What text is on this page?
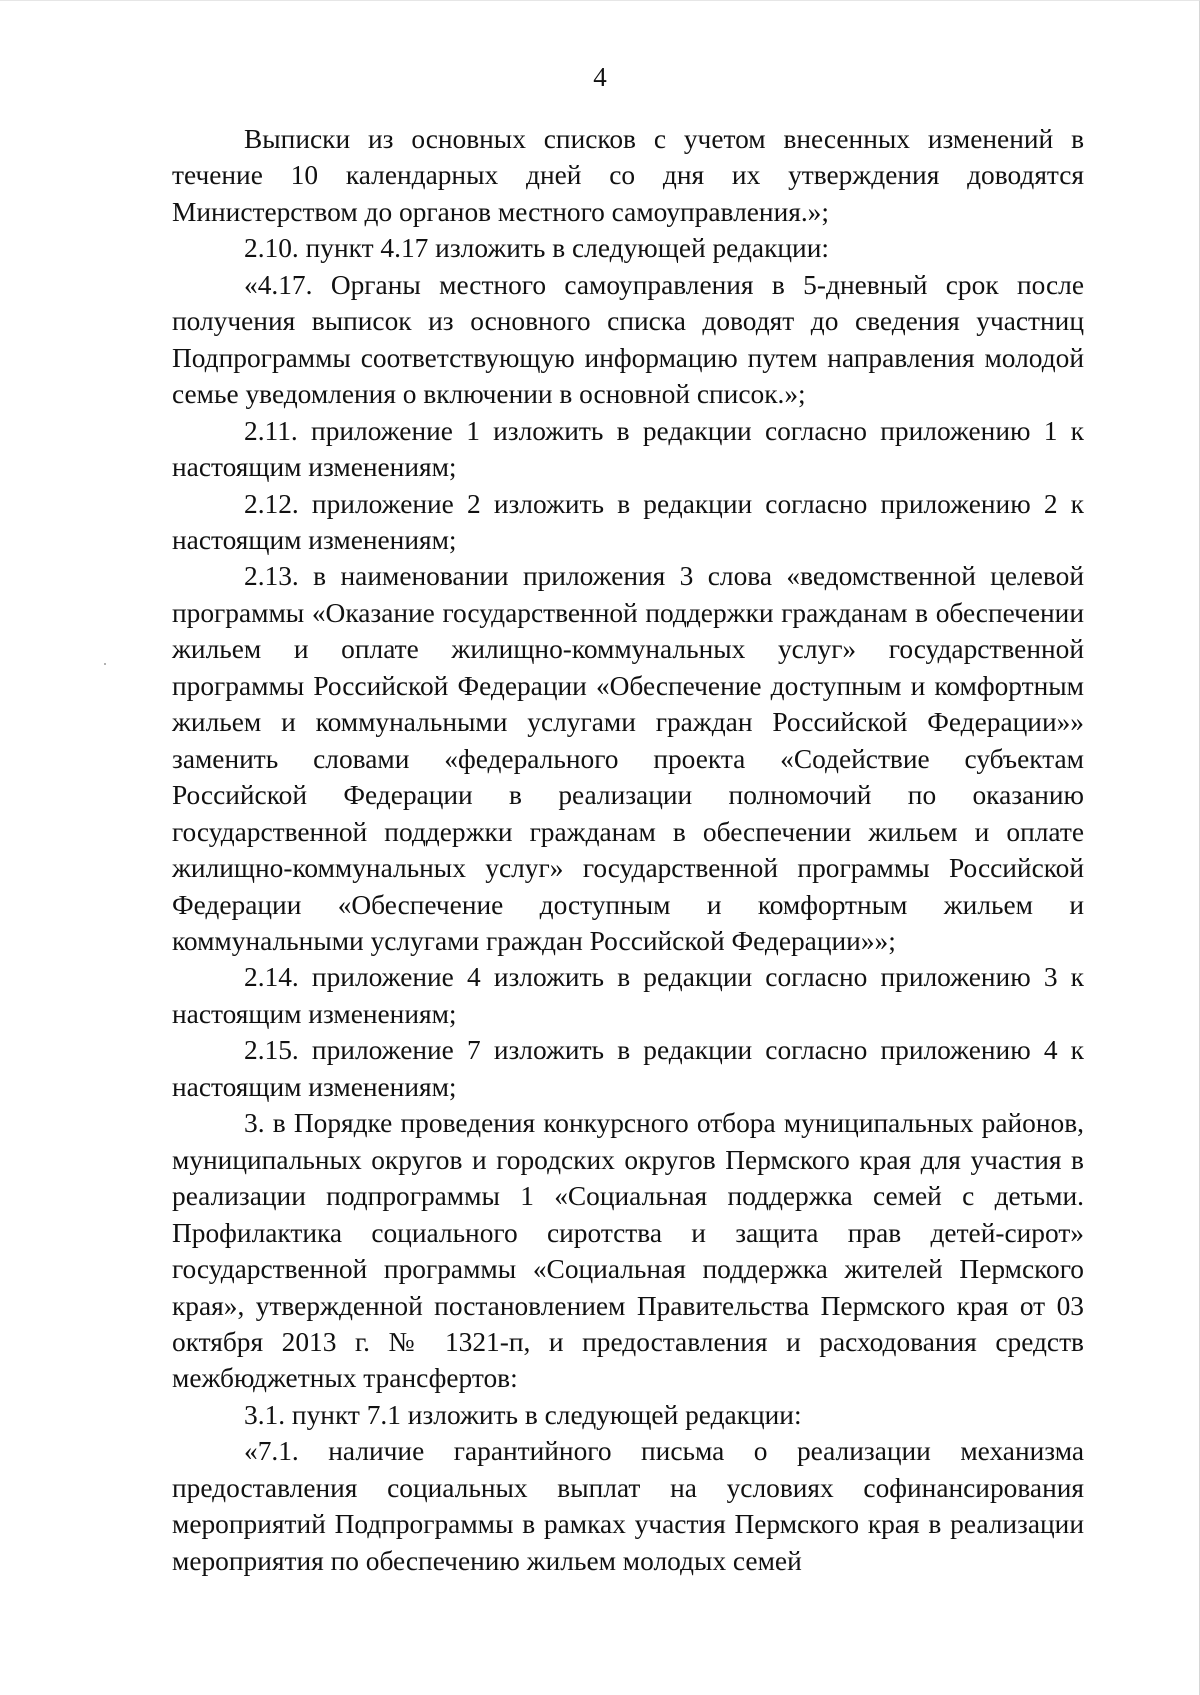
4

Выписки из основных списков с учетом внесенных изменений в течение 10 календарных дней со дня их утверждения доводятся Министерством до органов местного самоуправления.»;

2.10. пункт 4.17 изложить в следующей редакции:

«4.17. Органы местного самоуправления в 5-дневный срок после получения выписок из основного списка доводят до сведения участниц Подпрограммы соответствующую информацию путем направления молодой семье уведомления о включении в основной список.»;

2.11. приложение 1 изложить в редакции согласно приложению 1 к настоящим изменениям;

2.12. приложение 2 изложить в редакции согласно приложению 2 к настоящим изменениям;

2.13. в наименовании приложения 3 слова «ведомственной целевой программы «Оказание государственной поддержки гражданам в обеспечении жильем и оплате жилищно-коммунальных услуг» государственной программы Российской Федерации «Обеспечение доступным и комфортным жильем и коммунальными услугами граждан Российской Федерации»» заменить словами «федерального проекта «Содействие субъектам Российской Федерации в реализации полномочий по оказанию государственной поддержки гражданам в обеспечении жильем и оплате жилищно-коммунальных услуг» государственной программы Российской Федерации «Обеспечение доступным и комфортным жильем и коммунальными услугами граждан Российской Федерации»»;

2.14. приложение 4 изложить в редакции согласно приложению 3 к настоящим изменениям;

2.15. приложение 7 изложить в редакции согласно приложению 4 к настоящим изменениям;

3. в Порядке проведения конкурсного отбора муниципальных районов, муниципальных округов и городских округов Пермского края для участия в реализации подпрограммы 1 «Социальная поддержка семей с детьми. Профилактика социального сиротства и защита прав детей-сирот» государственной программы «Социальная поддержка жителей Пермского края», утвержденной постановлением Правительства Пермского края от 03 октября 2013 г. № 1321-п, и предоставления и расходования средств межбюджетных трансфертов:

3.1. пункт 7.1 изложить в следующей редакции:

«7.1. наличие гарантийного письма о реализации механизма предоставления социальных выплат на условиях софинансирования мероприятий Подпрограммы в рамках участия Пермского края в реализации мероприятия по обеспечению жильем молодых семей
